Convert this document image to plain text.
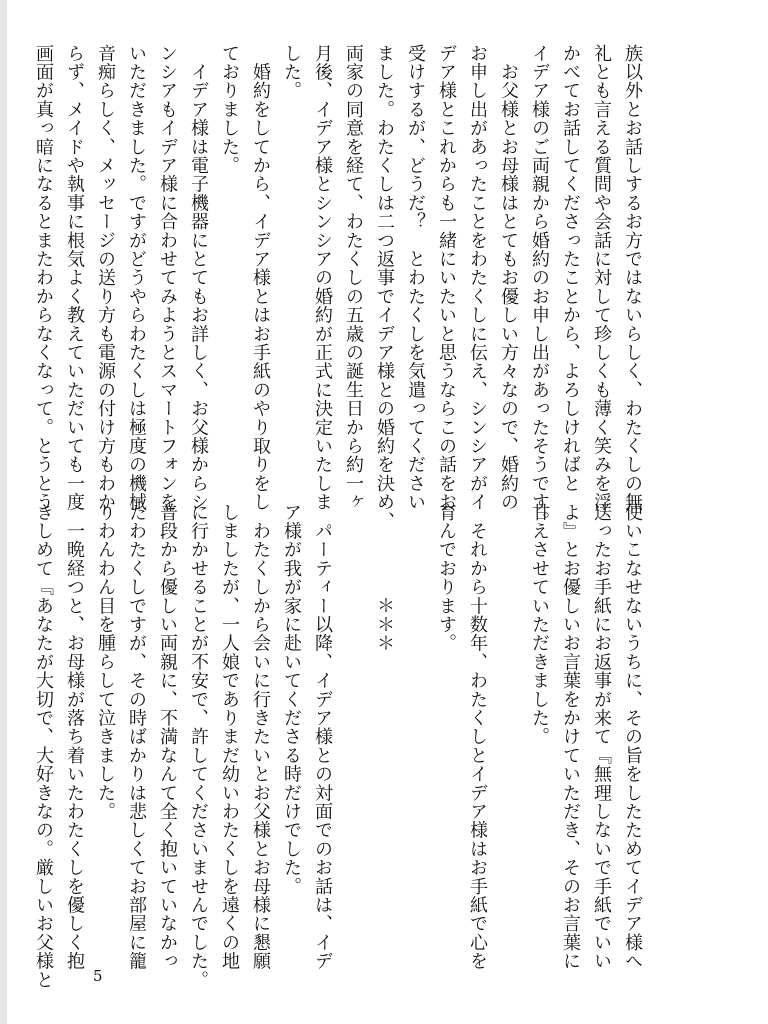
族以外とお話しするお方ではないらしく、わたくしの無
礼とも言える質問や会話に対して珍しくも薄く笑みを浮
かべてお話してくださったことから、よろしければと
イデア様のご両親から婚約のお申し出があったそうです。
　お父様とお母様はとてもお優しい方々なので、婚約の
お申し出があったことをわたくしに伝え、シンシアがイ
デア様とこれからも一緒にいたいと思うならこの話をお
受けするが、どうだ？　とわたくしを気遣ってください
ました。わたくしは二つ返事でイデア様との婚約を決め、
両家の同意を経て、わたくしの五歳の誕生日から約一ヶ
月後、イデア様とシンシアの婚約が正式に決定いたしま
した。
　婚約をしてから、イデア様とはお手紙のやり取りをし
ておりました。
　イデア様は電子機器にとてもお詳しく、お父様からシ
ンシアもイデア様に合わせてみようとスマートフォンを
いただきました。ですがどうやらわたくしは極度の機械
音痴らしく、メッセージの送り方も電源の付け方もわか
らず、メイドや執事に根気よく教えていただいても一度
画面が真っ暗になるとまたわからなくなって。とうとう
使いこなせないうちに、その旨をしたためてイデア様へ
送ったお手紙にお返事が来て『無理しないで手紙でいい
よ』とお優しいお言葉をかけていただき、そのお言葉に
甘えさせていただきました。

　それから十数年、わたくしとイデア様はお手紙で心を
育んでおります。

　　　　　＊＊＊

　パーティー以降、イデア様との対面でのお話は、イデ
ア様が我が家に赴いてくださる時だけでした。
　わたくしから会いに行きたいとお父様とお母様に懇願
しましたが、一人娘でありまだ幼いわたくしを遠くの地
に行かせることが不安で、許してくださいませんでした。
普段から優しい両親に、不満なんて全く抱いていなかっ
たわたくしですが、その時ばかりは悲しくてお部屋に籠
りわんわん目を腫らして泣きました。
　一晩経つと、お母様が落ち着いたわたくしを優しく抱
きしめて『あなたが大切で、大好きなの。厳しいお父様と	5
